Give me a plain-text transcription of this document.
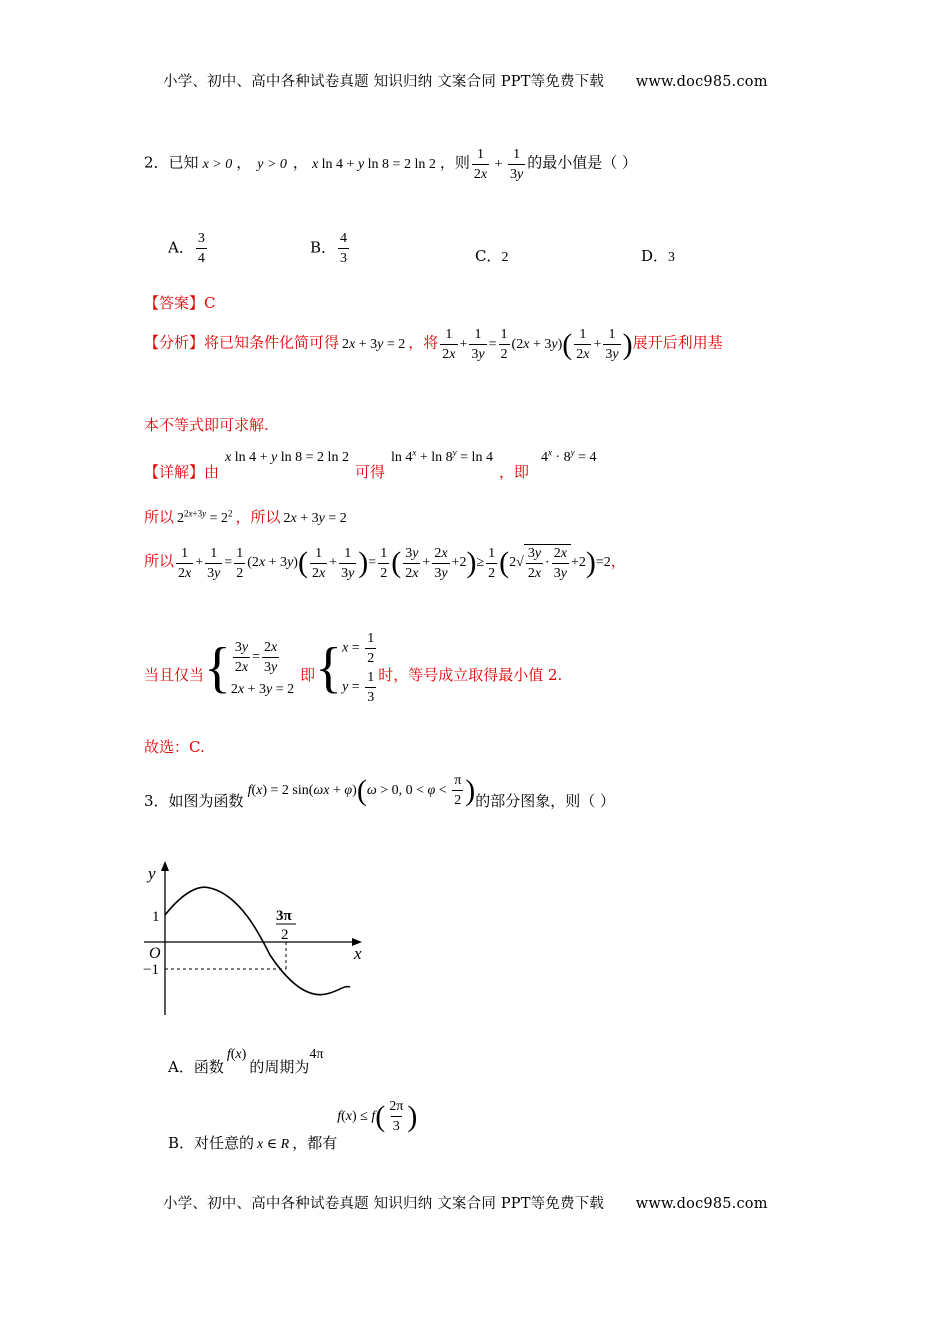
小学、初中、高中各种试卷真题 知识归纳 文案合同 PPT等免费下载 www.doc985.com
2．已知 x > 0 ， y > 0 ， x ln 4 + y ln 8 = 2 ln 2 ，则 $\frac{1}{2x} + \frac{1}{3y}$ 的最小值是（ ）
A． $\frac{3}{4}$	B． $\frac{4}{3}$	C．2	D．3
【答案】C
【分析】将已知条件化简可得 2x + 3y = 2 ，将 $\frac{1}{2x} + \frac{1}{3y} = \frac{1}{2} (2x + 3y)( \frac{1}{2x} + \frac{1}{3y}$ )展开后利用基
本不等式即可求解.
【详解】由x ln 4 + y ln 8 = 2 ln 2可得$\ln 4^x + \ln 8^y = \ln 4$，即$4^x \cdot 8^y = 4$
所以 $2^{2x+3y} = 2^2$ ，所以 2x + 3y = 2
所以 $\frac{1}{2x} + \frac{1}{3y} = \frac{1}{2} (2x + 3y)( \frac{1}{2x} + \frac{1}{3y}$ )= $\frac{1}{2}$ ( $\frac{3y}{2x} + \frac{2x}{3y} +2)\ge \frac{1}{2} (2√ \frac{3y}{2x} \cdot \frac{2x}{3y} +2)=2$，
当且仅当 { $\frac{3y}{2x} = \frac{2x}{3y}$
2x + 3y = 2
即 { $x = \frac{1}{2}$
$y = \frac{1}{3}$ 时，等号成立取得最小值 2.
故选：C.
3．如图为函数f(x) = 2 sin(ωx + φ)(ω > 0, $0 < \varphi < \frac{\pi}{2}$ )的部分图象，则（ ）
y
x
O
1
−1
3π
2
A．函数f(x)的周期为4π
B．对任意的 x ∈ R ，都有$f(x) \le f( \frac{2\pi}{3}$ )
小学、初中、高中各种试卷真题 知识归纳 文案合同 PPT等免费下载 www.doc985.com
